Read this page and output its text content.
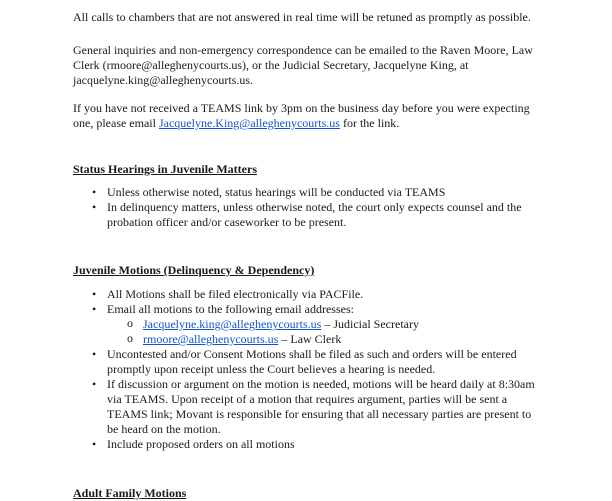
All calls to chambers that are not answered in real time will be retuned as promptly as possible.

General inquiries and non-emergency correspondence can be emailed to the Raven Moore, Law Clerk (rmoore@alleghenycourts.us), or the Judicial Secretary, Jacquelyne King, at jacquelyne.king@alleghenycourts.us.

If you have not received a TEAMS link by 3pm on the business day before you were expecting one, please email Jacquelyne.King@alleghenycourts.us for the link.

Status Hearings in Juvenile Matters
• Unless otherwise noted, status hearings will be conducted via TEAMS
• In delinquency matters, unless otherwise noted, the court only expects counsel and the probation officer and/or caseworker to be present.
Juvenile Motions (Delinquency & Dependency)
• All Motions shall be filed electronically via PACFile.
• Email all motions to the following email addresses:
o Jacquelyne.king@alleghenycourts.us – Judicial Secretary
o rmoore@alleghenycourts.us – Law Clerk
• Uncontested and/or Consent Motions shall be filed as such and orders will be entered promptly upon receipt unless the Court believes a hearing is needed.
• If discussion or argument on the motion is needed, motions will be heard daily at 8:30am via TEAMS. Upon receipt of a motion that requires argument, parties will be sent a TEAMS link; Movant is responsible for ensuring that all necessary parties are present to be heard on the motion.
• Include proposed orders on all motions
Adult Family Motions
